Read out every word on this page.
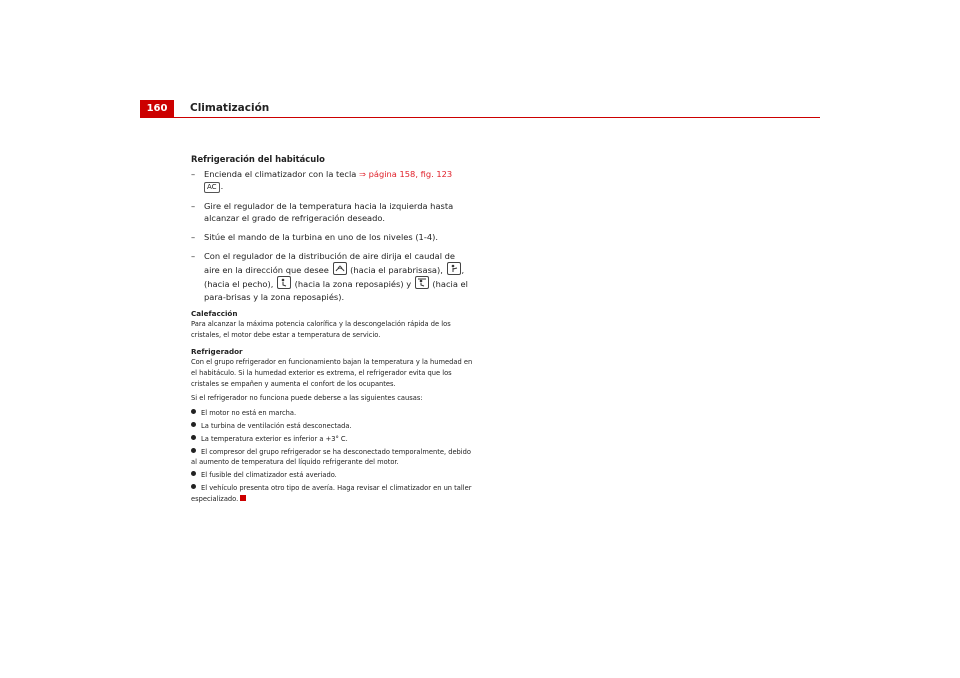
160	Climatización
Refrigeración del habitáculo
– Encienda el climatizador con la tecla ⇒ página 158, fig. 123
AC .
– Gire el regulador de la temperatura hacia la izquierda hasta alcanzar el grado de refrigeración deseado.
– Sitúe el mando de la turbina en uno de los niveles (1-4).
– Con el regulador de la distribución de aire dirija el caudal de aire en la dirección que desee
(hacia el parabrisasa),
, (hacia el pecho),
(hacia la zona reposapiés) y
(hacia el para-brisas y la zona reposapiés).
Calefacción
Para alcanzar la máxima potencia calorífica y la descongelación rápida de los cristales, el motor debe estar a temperatura de servicio.
Refrigerador
Con el grupo refrigerador en funcionamiento bajan la temperatura y la humedad en el habitáculo. Si la humedad exterior es extrema, el refrigerador evita que los cristales se empañen y aumenta el confort de los ocupantes.
Si el refrigerador no funciona puede deberse a las siguientes causas:
El motor no está en marcha.
La turbina de ventilación está desconectada.
La temperatura exterior es inferior a +3° C.
El compresor del grupo refrigerador se ha desconectado temporalmente, debido al aumento de temperatura del líquido refrigerante del motor.
El fusible del climatizador está averiado.
El vehículo presenta otro tipo de avería. Haga revisar el climatizador en un taller especializado.
